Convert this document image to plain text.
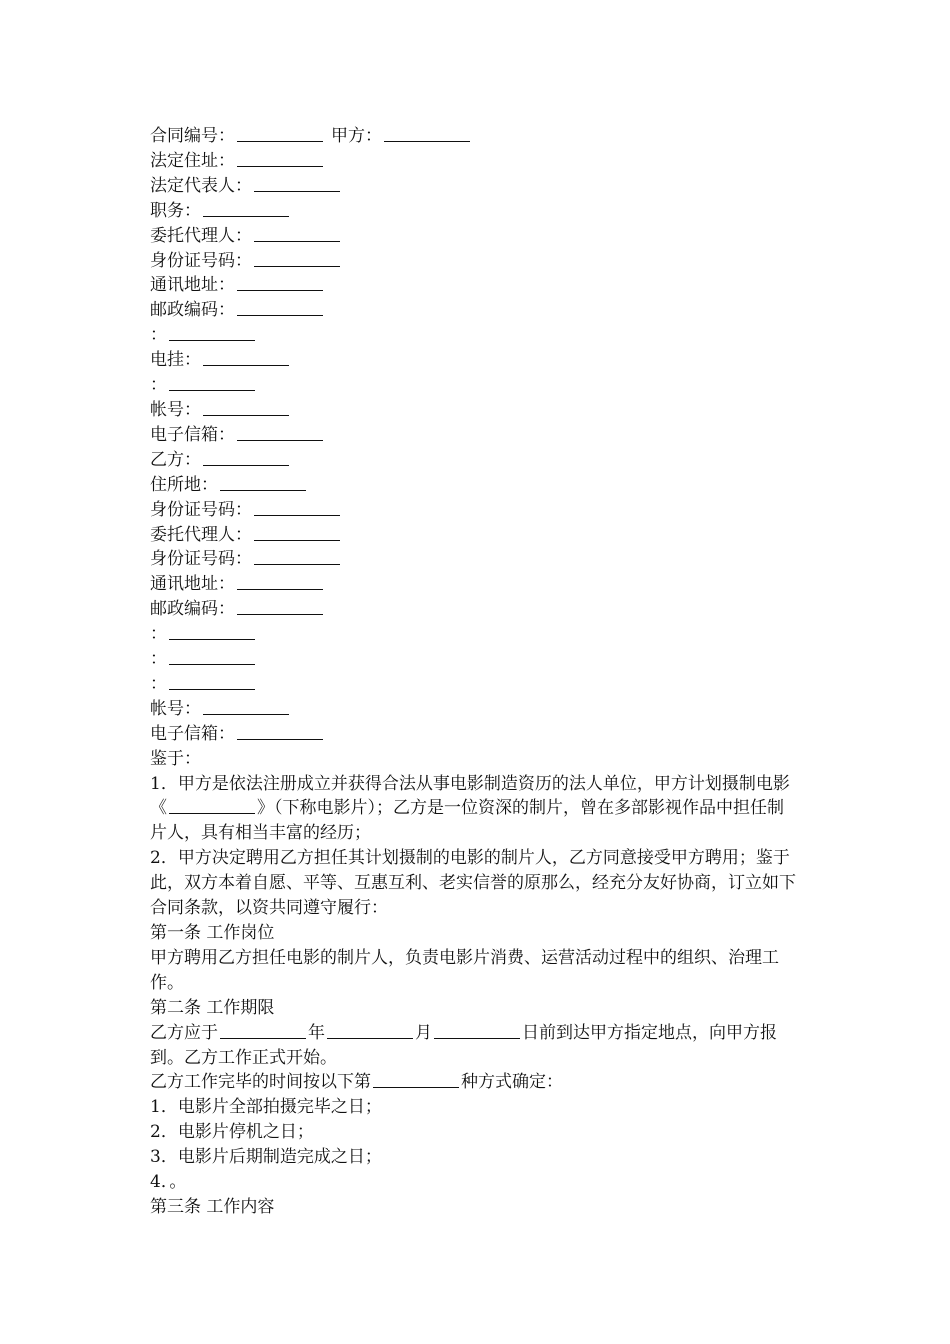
合同编号：	甲方：
法定住址：
法定代表人：
职务：
委托代理人：
身份证号码：
通讯地址：
邮政编码：
：
电挂：
：
帐号：
电子信箱：
乙方：
住所地：
身份证号码：
委托代理人：
身份证号码：
通讯地址：
邮政编码：
：
：
：
帐号：
电子信箱：
鉴于：
1．甲方是依法注册成立并获得合法从事电影制造资历的法人单位，甲方计划摄制电影《	》（下称电影片）；乙方是一位资深的制片，曾在多部影视作品中担任制片人，具有相当丰富的经历；
2．甲方决定聘用乙方担任其计划摄制的电影的制片人，乙方同意接受甲方聘用；鉴于此，双方本着自愿、平等、互惠互利、老实信誉的原那么，经充分友好协商，订立如下合同条款，以资共同遵守履行：
第一条 工作岗位
甲方聘用乙方担任电影的制片人，负责电影片消费、运营活动过程中的组织、治理工作。
第二条 工作期限
乙方应于	年	月	日前到达甲方指定地点，向甲方报到。乙方工作正式开始。
乙方工作完毕的时间按以下第	种方式确定：
1．电影片全部拍摄完毕之日；
2．电影片停机之日；
3．电影片后期制造完成之日；
4．。
第三条 工作内容
